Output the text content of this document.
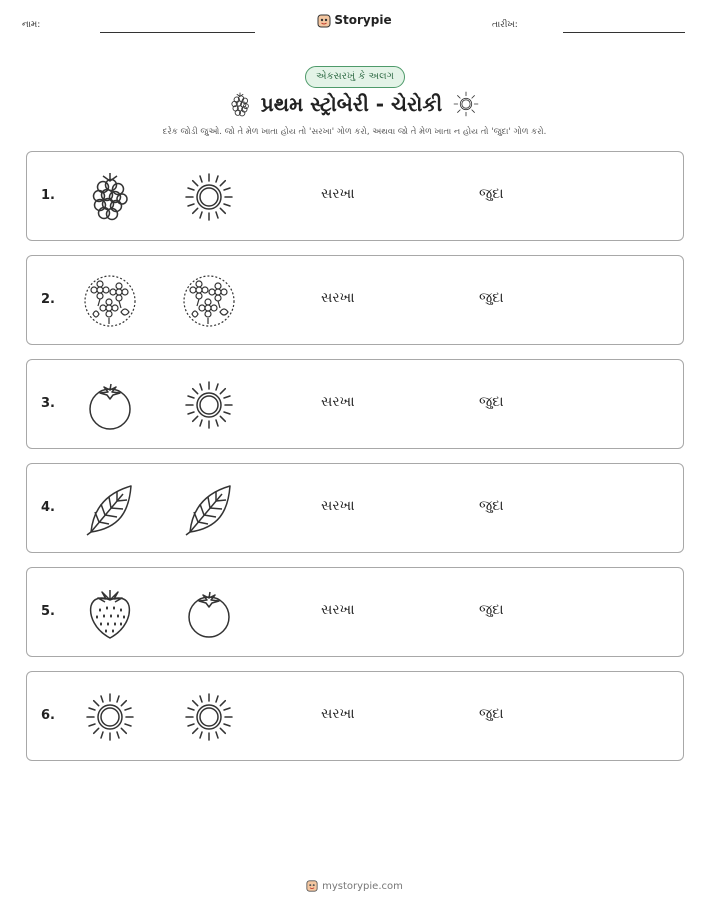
નામ:	Storypie	તારીખ:
એકસરખું કે અલગ
પ્રથમ સ્ટ્રોબેરી - ચેરોકી
દરેક જોડી જુઓ. જો તે મેળ ખાતા હોય તો 'સરખા' ગોળ કરો, અથવા જો તે મેળ ખાતા ન હોય તો 'જુદા' ગોળ કરો.
1.	સરખા	જુદા
2.	સરખા	જુદા
3.	સરખા	જુદા
4.	સરખા	જુદા
5.	સરખા	જુદા
6.	સરખા	જુદા
mystorypie.com
